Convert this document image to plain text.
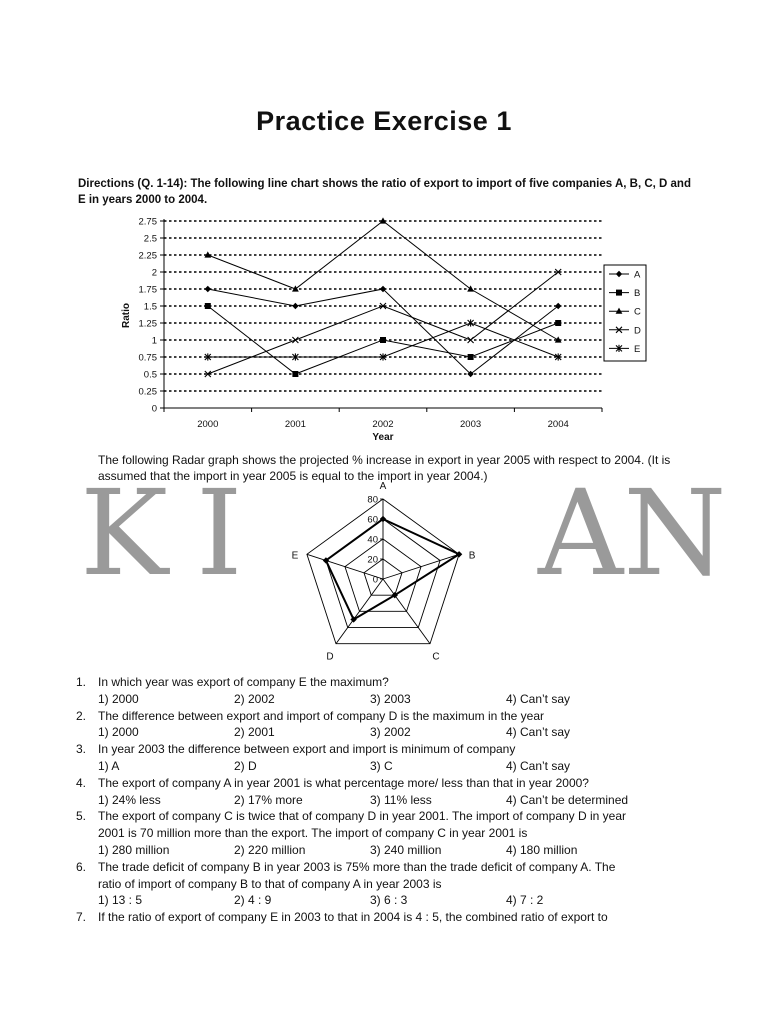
Practice Exercise 1
Directions (Q. 1-14): The following line chart shows the ratio of export to import of five companies A, B, C, D and E in years 2000 to 2004.
K I	AN
0
0.25
0.5
0.75
1
1.25
1.5
1.75
2
2.25
2.5
2.75
2000	2001	2002	2003	2004
Year
Ratio
A
B
C
D
E
The following Radar graph shows the projected % increase in export in year 2005 with respect to 2004. (It is assumed that the import in year 2005 is equal to the import in year 2004.)
0
20
40
60
80
A
B
C
D
E
1. In which year was export of company E the maximum?
1) 2000	2) 2002	3) 2003	4) Can’t say
2. The difference between export and import of company D is the maximum in the year
1) 2000	2) 2001	3) 2002	4) Can’t say
3. In year 2003 the difference between export and import is minimum of company
1) A	2) D	3) C	4) Can’t say
4. The export of company A in year 2001 is what percentage more/ less than that in year 2000?
1) 24% less	2) 17% more	3) 11% less	4) Can’t be determined
5. The export of company C is twice that of company D in year 2001. The import of company D in year
2001 is 70 million more than the export. The import of company C in year 2001 is
1) 280 million	2) 220 million	3) 240 million	4) 180 million
6. The trade deficit of company B in year 2003 is 75% more than the trade deficit of company A. The
ratio of import of company B to that of company A in year 2003 is
1) 13 : 5	2) 4 : 9	3) 6 : 3	4) 7 : 2
7. If the ratio of export of company E in 2003 to that in 2004 is 4 : 5, the combined ratio of export to
